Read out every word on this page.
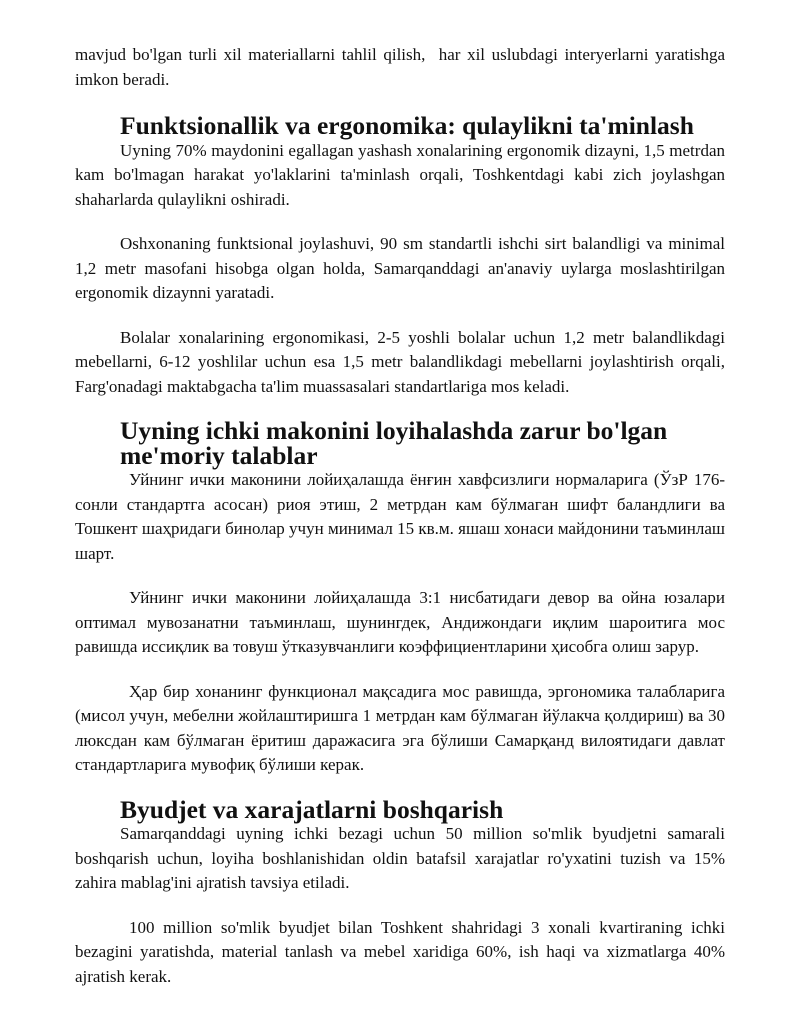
mavjud bo'lgan turli xil materiallarni tahlil qilish,  har xil uslubdagi interyerlarni yaratishga imkon beradi.

Funktsionallik va ergonomika: qulaylikni ta'minlash

Uyning 70% maydonini egallagan yashash xonalarining ergonomik dizayni, 1,5 metrdan kam bo'lmagan harakat yo'laklarini ta'minlash orqali, Toshkentdagi kabi zich joylashgan shaharlarda qulaylikni oshiradi.

Oshxonaning funktsional joylashuvi, 90 sm standartli ishchi sirt balandligi va minimal 1,2 metr masofani hisobga olgan holda, Samarqanddagi an'anaviy uylarga moslashtirilgan ergonomik dizaynni yaratadi.

Bolalar xonalarining ergonomikasi, 2-5 yoshli bolalar uchun 1,2 metr balandlikdagi mebellarni, 6-12 yoshlilar uchun esa 1,5 metr balandlikdagi mebellarni joylashtirish orqali, Farg'onadagi maktabgacha ta'lim muassasalari standartlariga mos keladi.

Uyning ichki makonini loyihalashda zarur bo'lgan me'moriy talablar

Уйнинг ички маконини лойиҳалашда ёнғин хавфсизлиги нормаларига (ЎзР 176-сонли стандартга асосан) риоя этиш, 2 метрдан кам бўлмаган шифт баландлиги ва Тошкент шаҳридаги бинолар учун минимал 15 кв.м. яшаш хонаси майдонини таъминлаш шарт.

Уйнинг ички маконини лойиҳалашда 3:1 нисбатидаги девор ва ойна юзалари оптимал мувозанатни таъминлаш, шунингдек, Андижондаги иқлим шароитига мос равишда иссиқлик ва товуш ўтказувчанлиги коэффициентларини ҳисобга олиш зарур.

Ҳар бир хонанинг функционал мақсадига мос равишда, эргономика талабларига (мисол учун, мебелни жойлаштиришга 1 метрдан кам бўлмаган йўлакча қолдириш) ва 30 люксдан кам бўлмаган ёритиш даражасига эга бўлиши Самарқанд вилоятидаги давлат стандартларига мувофиқ бўлиши керак.

Byudjet va xarajatlarni boshqarish

Samarqanddagi uyning ichki bezagi uchun 50 million so'mlik byudjetni samarali boshqarish uchun, loyiha boshlanishidan oldin batafsil xarajatlar ro'yxatini tuzish va 15% zahira mablag'ini ajratish tavsiya etiladi.

100 million so'mlik byudjet bilan Toshkent shahridagi 3 xonali kvartiraning ichki bezagini yaratishda, material tanlash va mebel xaridiga 60%, ish haqi va xizmatlarga 40% ajratish kerak.
